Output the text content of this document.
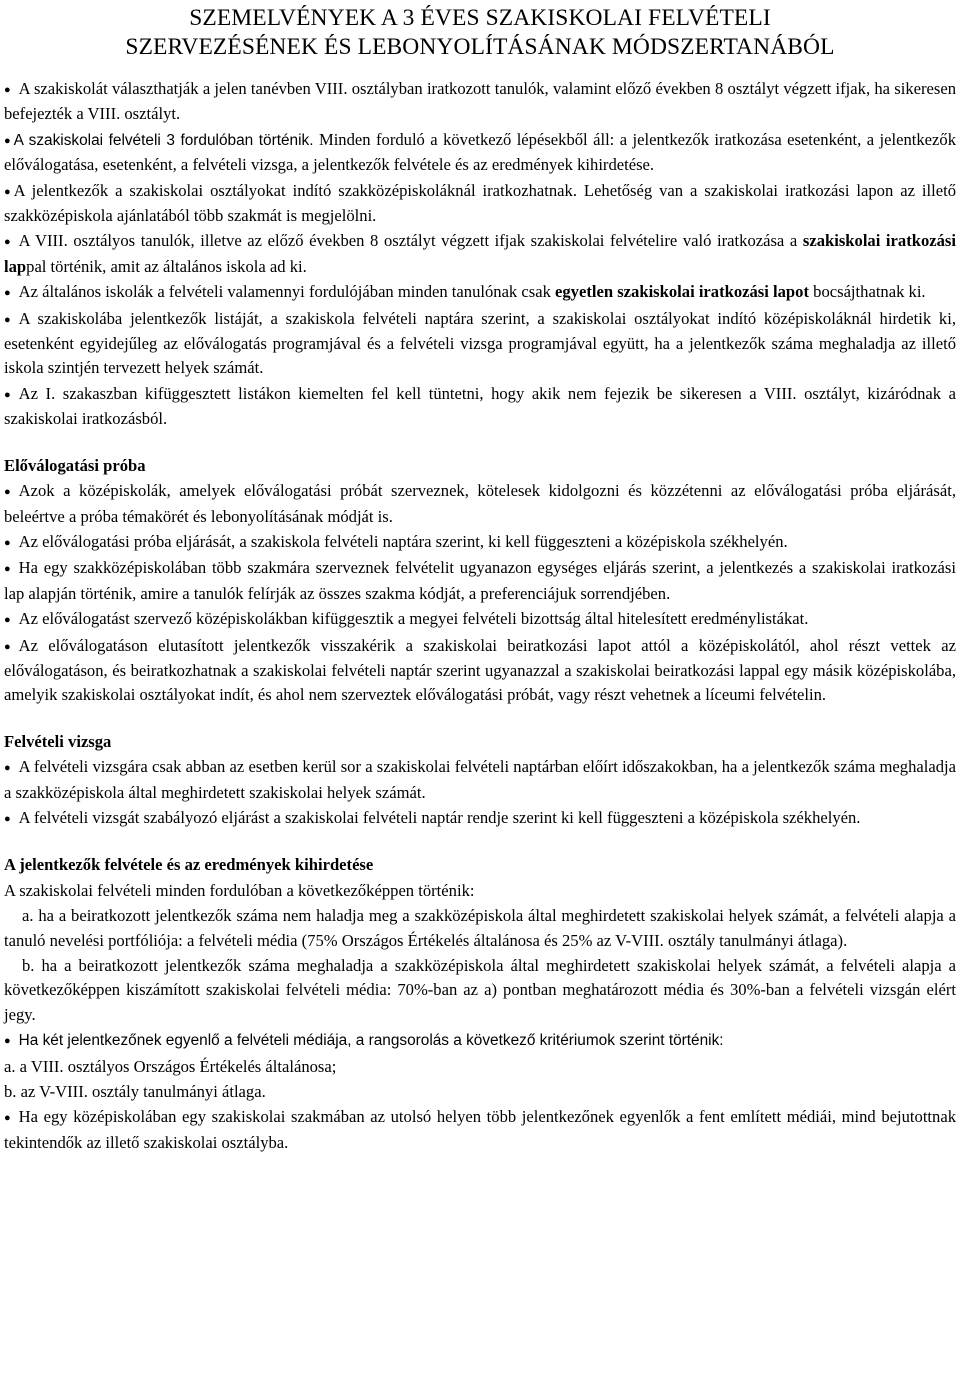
SZEMELVÉNYEK A 3 ÉVES SZAKISKOLAI FELVÉTELI
SZERVEZÉSÉNEK ÉS LEBONYOLÍTÁSÁNAK MÓDSZERTANÁBÓL

● A szakiskolát választhatják a jelen tanévben VIII. osztályban iratkozott tanulók, valamint előző években 8 osztályt végzett ifjak, ha sikeresen befejezték a VIII. osztályt.

● A szakiskolai felvételi 3 fordulóban történik. Minden forduló a következő lépésekből áll: a jelentkezők iratkozása esetenként, a jelentkezők előválogatása, esetenként, a felvételi vizsga, a jelentkezők felvétele és az eredmények kihirdetése.

● A jelentkezők a szakiskolai osztályokat indító szakközépiskoláknál iratkozhatnak. Lehetőség van a szakiskolai iratkozási lapon az illető szakközépiskola ajánlatából több szakmát is megjelölni.

● A VIII. osztályos tanulók, illetve az előző években 8 osztályt végzett ifjak szakiskolai felvételire való iratkozása a szakiskolai iratkozási lappal történik, amit az általános iskola ad ki.

● Az általános iskolák a felvételi valamennyi fordulójában minden tanulónak csak egyetlen szakiskolai iratkozási lapot bocsájthatnak ki.

● A szakiskolába jelentkezők listáját, a szakiskola felvételi naptára szerint, a szakiskolai osztályokat indító középiskoláknál hirdetik ki, esetenként egyidejűleg az előválogatás programjával és a felvételi vizsga programjával együtt, ha a jelentkezők száma meghaladja az illető iskola szintjén tervezett helyek számát.

● Az I. szakaszban kifüggesztett listákon kiemelten fel kell tüntetni, hogy akik nem fejezik be sikeresen a VIII. osztályt, kizáródnak a szakiskolai iratkozásból.

Előválogatási próba

● Azok a középiskolák, amelyek előválogatási próbát szerveznek, kötelesek kidolgozni és közzétenni az előválogatási próba eljárását, beleértve a próba témakörét és lebonyolításának módját is.

● Az előválogatási próba eljárását, a szakiskola felvételi naptára szerint, ki kell függeszteni a középiskola székhelyén.

● Ha egy szakközépiskolában több szakmára szerveznek felvételit ugyanazon egységes eljárás szerint, a jelentkezés a szakiskolai iratkozási lap alapján történik, amire a tanulók felírják az összes szakma kódját, a preferenciájuk sorrendjében.

● Az előválogatást szervező középiskolákban kifüggesztik a megyei felvételi bizottság által hitelesített eredménylistákat.

● Az előválogatáson elutasított jelentkezők visszakérik a szakiskolai beiratkozási lapot attól a középiskolától, ahol részt vettek az előválogatáson, és beiratkozhatnak a szakiskolai felvételi naptár szerint ugyanazzal a szakiskolai beiratkozási lappal egy másik középiskolába, amelyik szakiskolai osztályokat indít, és ahol nem szerveztek előválogatási próbát, vagy részt vehetnek a líceumi felvételin.

Felvételi vizsga

● A felvételi vizsgára csak abban az esetben kerül sor a szakiskolai felvételi naptárban előírt időszakokban, ha a jelentkezők száma meghaladja a szakközépiskola által meghirdetett szakiskolai helyek számát.

● A felvételi vizsgát szabályozó eljárást a szakiskolai felvételi naptár rendje szerint ki kell függeszteni a középiskola székhelyén.

A jelentkezők felvétele és az eredmények kihirdetése

A szakiskolai felvételi minden fordulóban a következőképpen történik:

a. ha a beiratkozott jelentkezők száma nem haladja meg a szakközépiskola által meghirdetett szakiskolai helyek számát, a felvételi alapja a tanuló nevelési portfóliója: a felvételi média (75% Országos Értékelés általánosa és 25% az V-VIII. osztály tanulmányi átlaga).

b. ha a beiratkozott jelentkezők száma meghaladja a szakközépiskola által meghirdetett szakiskolai helyek számát, a felvételi alapja a következőképpen kiszámított szakiskolai felvételi média: 70%-ban az a) pontban meghatározott média és 30%-ban a felvételi vizsgán elért jegy.

● Ha két jelentkezőnek egyenlő a felvételi médiája, a rangsorolás a következő kritériumok szerint történik:

a. a VIII. osztályos Országos Értékelés általánosa;

b. az V-VIII. osztály tanulmányi átlaga.

● Ha egy középiskolában egy szakiskolai szakmában az utolsó helyen több jelentkezőnek egyenlők a fent említett médiái, mind bejutottnak tekintendők az illető szakiskolai osztályba.
